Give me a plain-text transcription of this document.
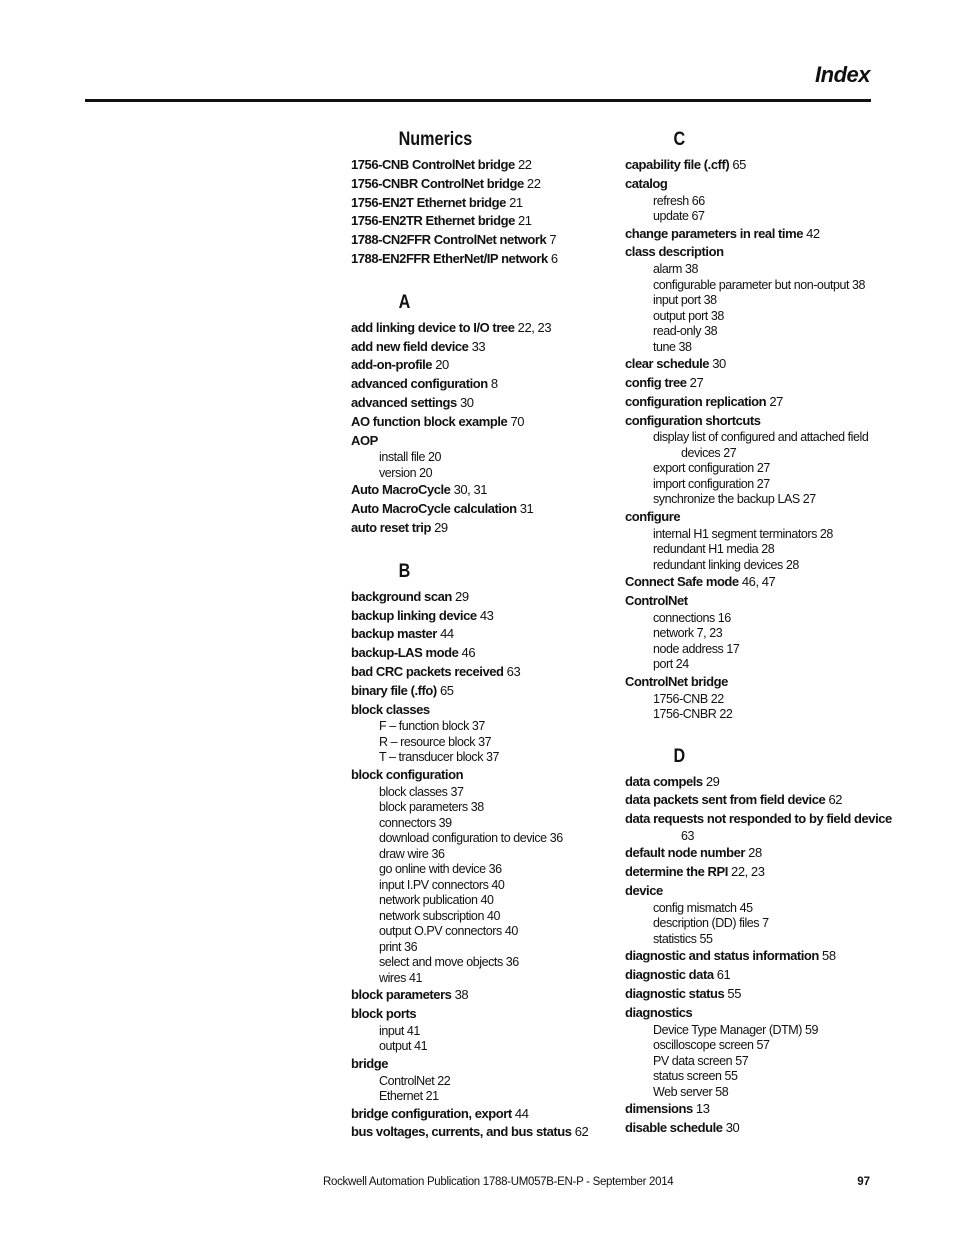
Index
Numerics
1756-CNB ControlNet bridge 22
1756-CNBR ControlNet bridge 22
1756-EN2T Ethernet bridge 21
1756-EN2TR Ethernet bridge 21
1788-CN2FFR ControlNet network 7
1788-EN2FFR EtherNet/IP network 6
A
add linking device to I/O tree 22, 23
add new field device 33
add-on-profile 20
advanced configuration 8
advanced settings 30
AO function block example 70
AOP
install file 20
version 20
Auto MacroCycle 30, 31
Auto MacroCycle calculation 31
auto reset trip 29
B
background scan 29
backup linking device 43
backup master 44
backup-LAS mode 46
bad CRC packets received 63
binary file (.ffo) 65
block classes
F – function block 37
R – resource block 37
T – transducer block 37
block configuration
block classes 37
block parameters 38
connectors 39
download configuration to device 36
draw wire 36
go online with device 36
input I.PV connectors 40
network publication 40
network subscription 40
output O.PV connectors 40
print 36
select and move objects 36
wires 41
block parameters 38
block ports
input 41
output 41
bridge
ControlNet 22
Ethernet 21
bridge configuration, export 44
bus voltages, currents, and bus status 62
C
capability file (.cff) 65
catalog
refresh 66
update 67
change parameters in real time 42
class description
alarm 38
configurable parameter but non-output 38
input port 38
output port 38
read-only 38
tune 38
clear schedule 30
config tree 27
configuration replication 27
configuration shortcuts
display list of configured and attached field
devices 27
export configuration 27
import configuration 27
synchronize the backup LAS 27
configure
internal H1 segment terminators 28
redundant H1 media 28
redundant linking devices 28
Connect Safe mode 46, 47
ControlNet
connections 16
network 7, 23
node address 17
port 24
ControlNet bridge
1756-CNB 22
1756-CNBR 22
D
data compels 29
data packets sent from field device 62
data requests not responded to by field device
63
default node number 28
determine the RPI 22, 23
device
config mismatch 45
description (DD) files 7
statistics 55
diagnostic and status information 58
diagnostic data 61
diagnostic status 55
diagnostics
Device Type Manager (DTM) 59
oscilloscope screen 57
PV data screen 57
status screen 55
Web server 58
dimensions 13
disable schedule 30
Rockwell Automation Publication 1788-UM057B-EN-P - September 2014	97
